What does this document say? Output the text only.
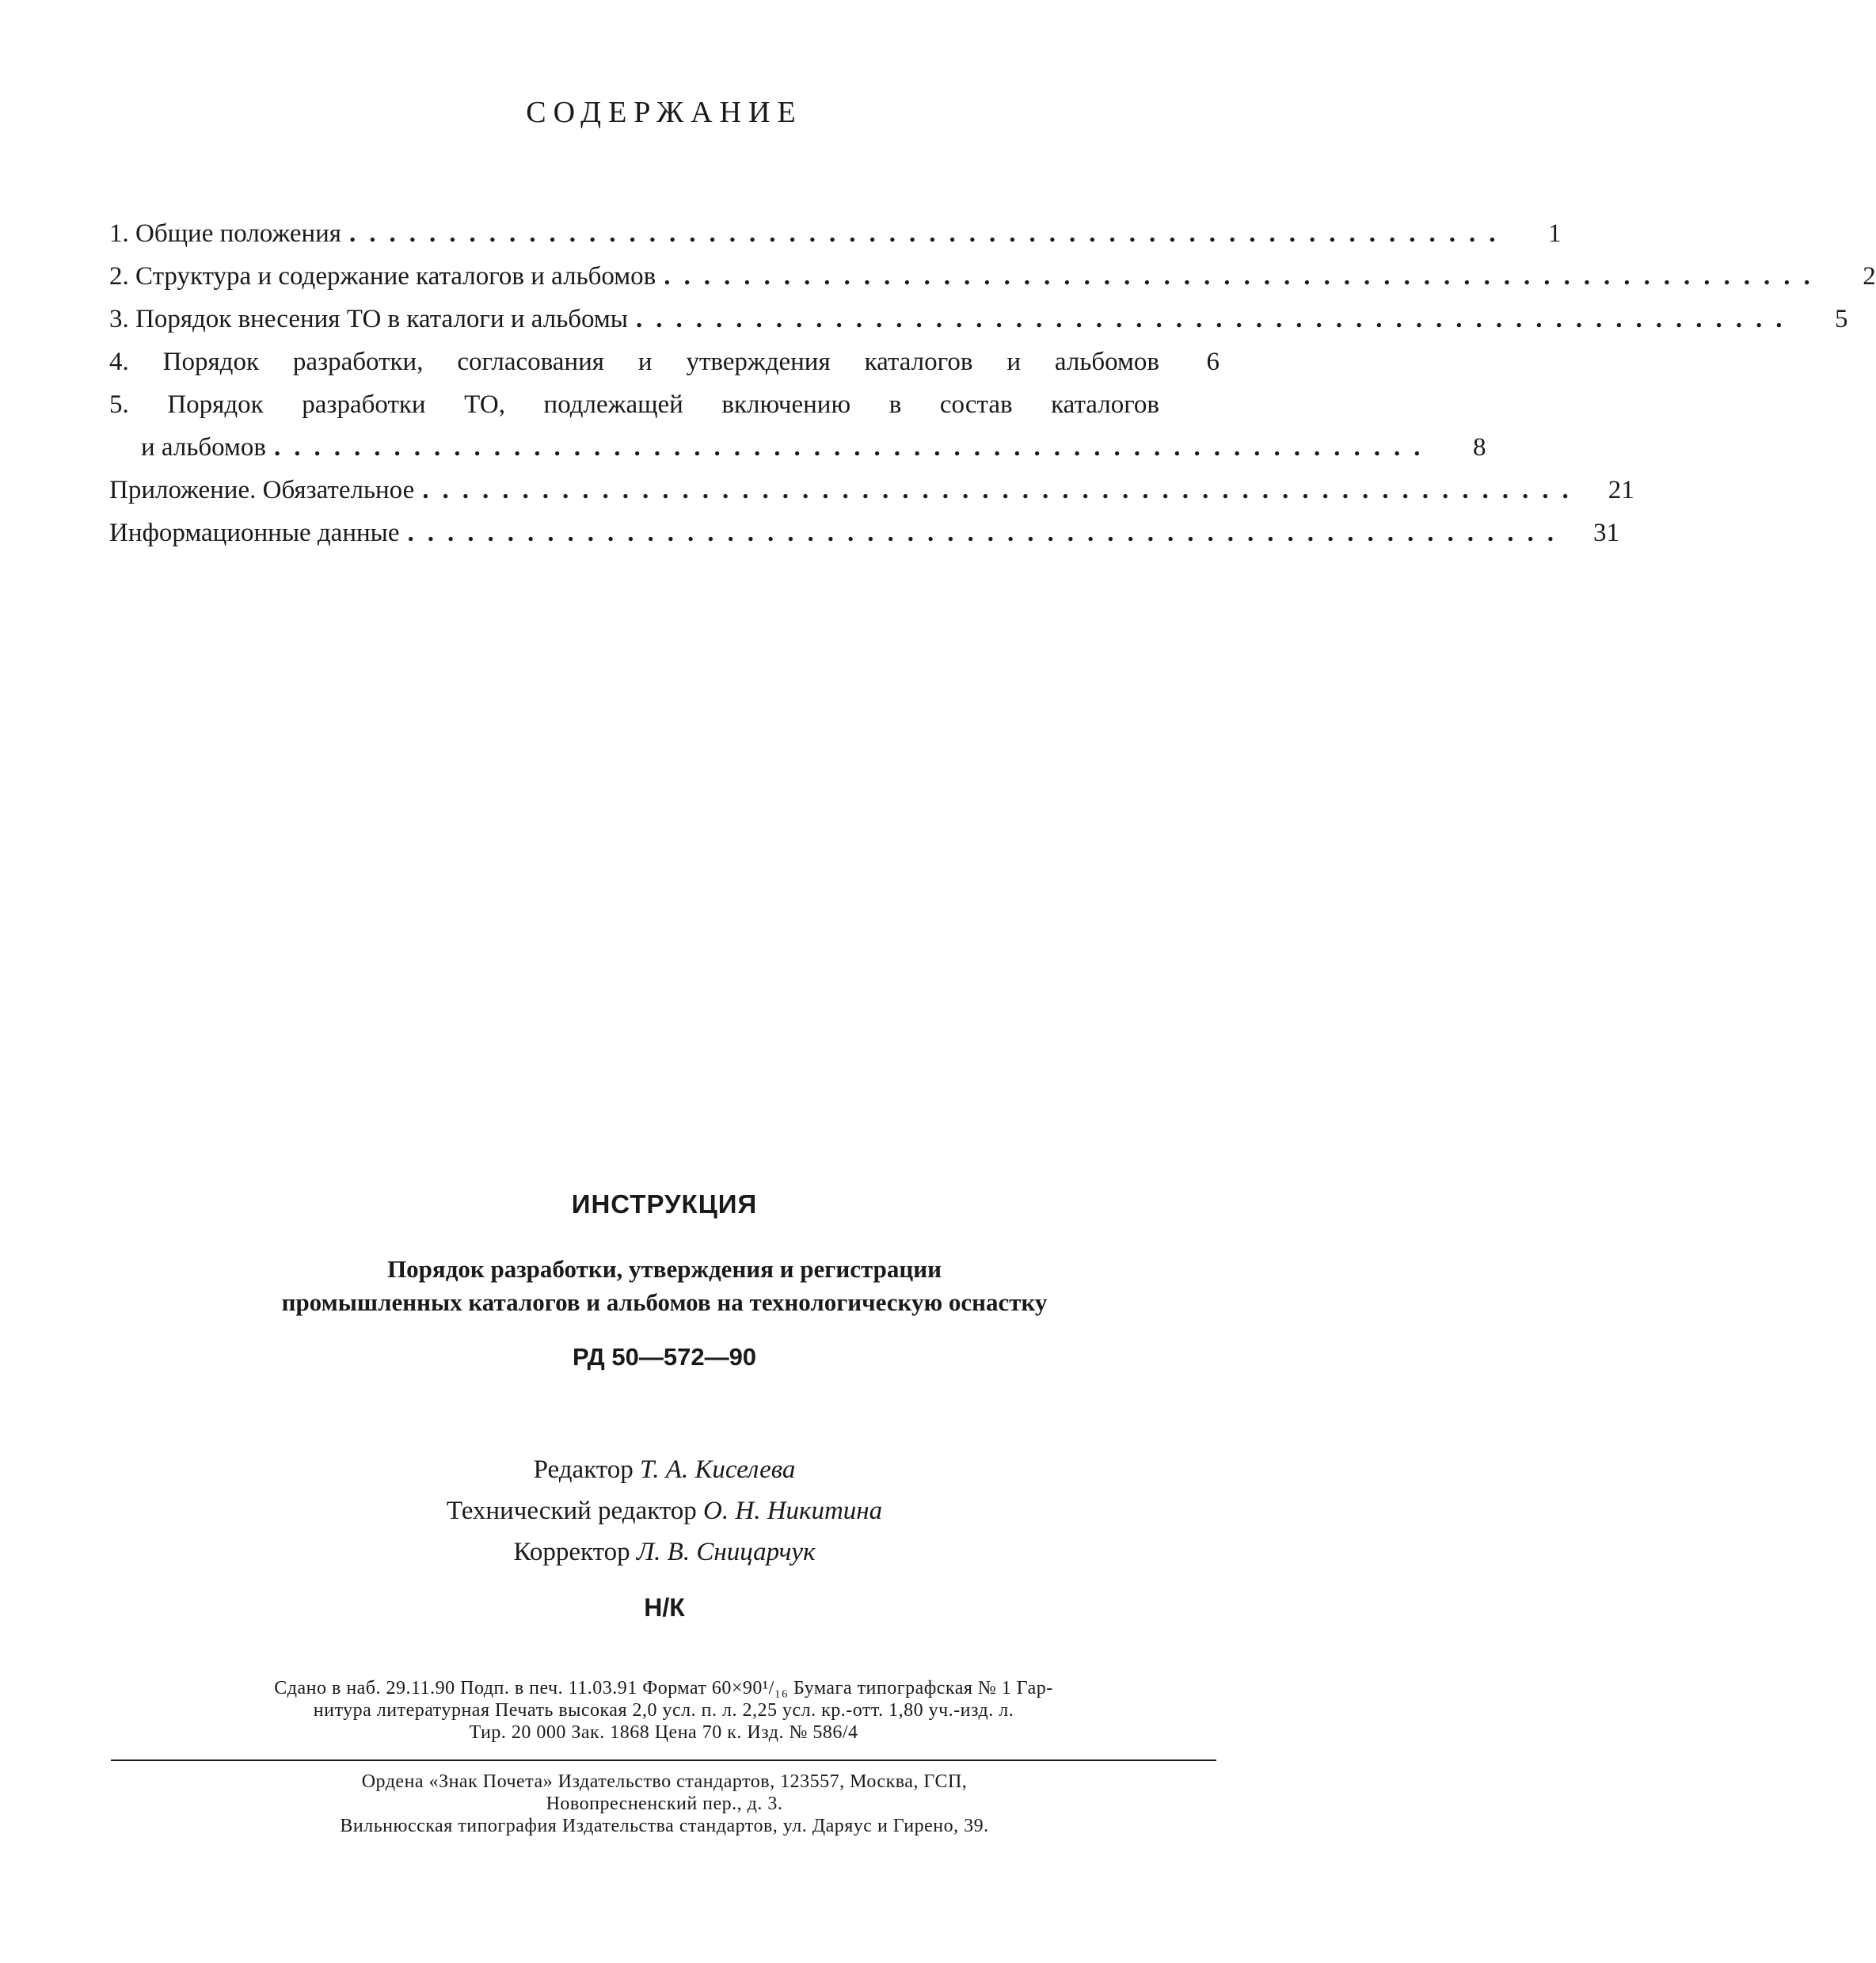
СОДЕРЖАНИЕ
1. Общие положения ..........................................................	1
2. Структура и содержание каталогов и альбомов ..........................................................	2
3. Порядок внесения ТО в каталоги и альбомы ..........................................................	5
4. Порядок разработки, согласования и утверждения каталогов и альбомов	6
5. Порядок разработки ТО, подлежащей включению в состав каталогов
и альбомов ..........................................................	8
Приложение. Обязательное ..........................................................	21
Информационные данные ..........................................................	31
ИНСТРУКЦИЯ
Порядок разработки, утверждения и регистрации
промышленных каталогов и альбомов на технологическую оснастку
РД 50—572—90
Редактор Т. А. Киселева
Технический редактор О. Н. Никитина
Корректор Л. В. Сницарчук
Н/К
Сдано в наб. 29.11.90 Подп. в печ. 11.03.91 Формат 60×90¹/₁₆ Бумага типографская № 1 Гар-
нитура литературная Печать высокая 2,0 усл. п. л. 2,25 усл. кр.-отт. 1,80 уч.-изд. л.
Тир. 20 000 Зак. 1868 Цена 70 к. Изд. № 586/4
Ордена «Знак Почета» Издательство стандартов, 123557, Москва, ГСП,
Новопресненский пер., д. 3.
Вильнюсская типография Издательства стандартов, ул. Даряус и Гирено, 39.
